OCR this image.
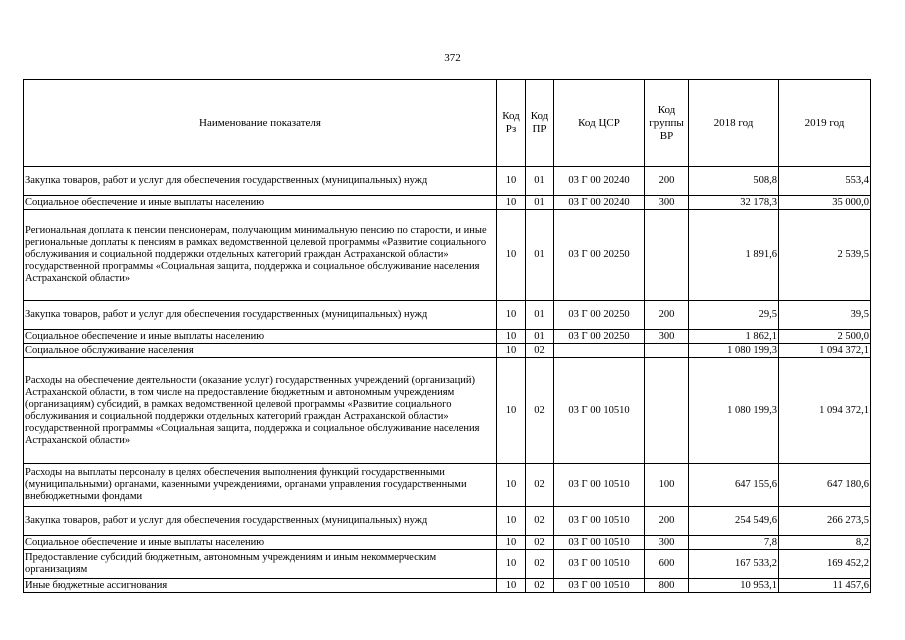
372
Наименование показателя	Код Рз	Код ПР	Код ЦСР	Код группы ВР	2018 год	2019 год
Закупка товаров, работ и услуг для обеспечения государственных (муниципальных) нужд	10	01	03 Г 00 20240	200	508,8	553,4
Социальное обеспечение и иные выплаты населению	10	01	03 Г 00 20240	300	32 178,3	35 000,0
Региональная доплата к пенсии пенсионерам, получающим минимальную пенсию по старости, и иные региональные доплаты к пенсиям в рамках ведомственной целевой программы «Развитие социального обслуживания и социальной поддержки отдельных категорий граждан Астраханской области» государственной программы «Социальная защита, поддержка и социальное обслуживание населения Астраханской области»	10	01	03 Г 00 20250		1 891,6	2 539,5
Закупка товаров, работ и услуг для обеспечения государственных (муниципальных) нужд	10	01	03 Г 00 20250	200	29,5	39,5
Социальное обеспечение и иные выплаты населению	10	01	03 Г 00 20250	300	1 862,1	2 500,0
Социальное обслуживание населения	10	02			1 080 199,3	1 094 372,1
Расходы на обеспечение деятельности (оказание услуг) государственных учреждений (организаций) Астраханской области, в том числе на предоставление бюджетным и автономным учреждениям (организациям) субсидий, в рамках ведомственной целевой программы «Развитие социального обслуживания и социальной поддержки отдельных категорий граждан Астраханской области» государственной программы «Социальная защита, поддержка и социальное обслуживание населения Астраханской области»	10	02	03 Г 00 10510		1 080 199,3	1 094 372,1
Расходы на выплаты персоналу в целях обеспечения выполнения функций государственными (муниципальными) органами, казенными учреждениями, органами управления государственными внебюджетными фондами	10	02	03 Г 00 10510	100	647 155,6	647 180,6
Закупка товаров, работ и услуг для обеспечения государственных (муниципальных) нужд	10	02	03 Г 00 10510	200	254 549,6	266 273,5
Социальное обеспечение и иные выплаты населению	10	02	03 Г 00 10510	300	7,8	8,2
Предоставление субсидий бюджетным, автономным учреждениям и иным некоммерческим организациям	10	02	03 Г 00 10510	600	167 533,2	169 452,2
Иные бюджетные ассигнования	10	02	03 Г 00 10510	800	10 953,1	11 457,6
